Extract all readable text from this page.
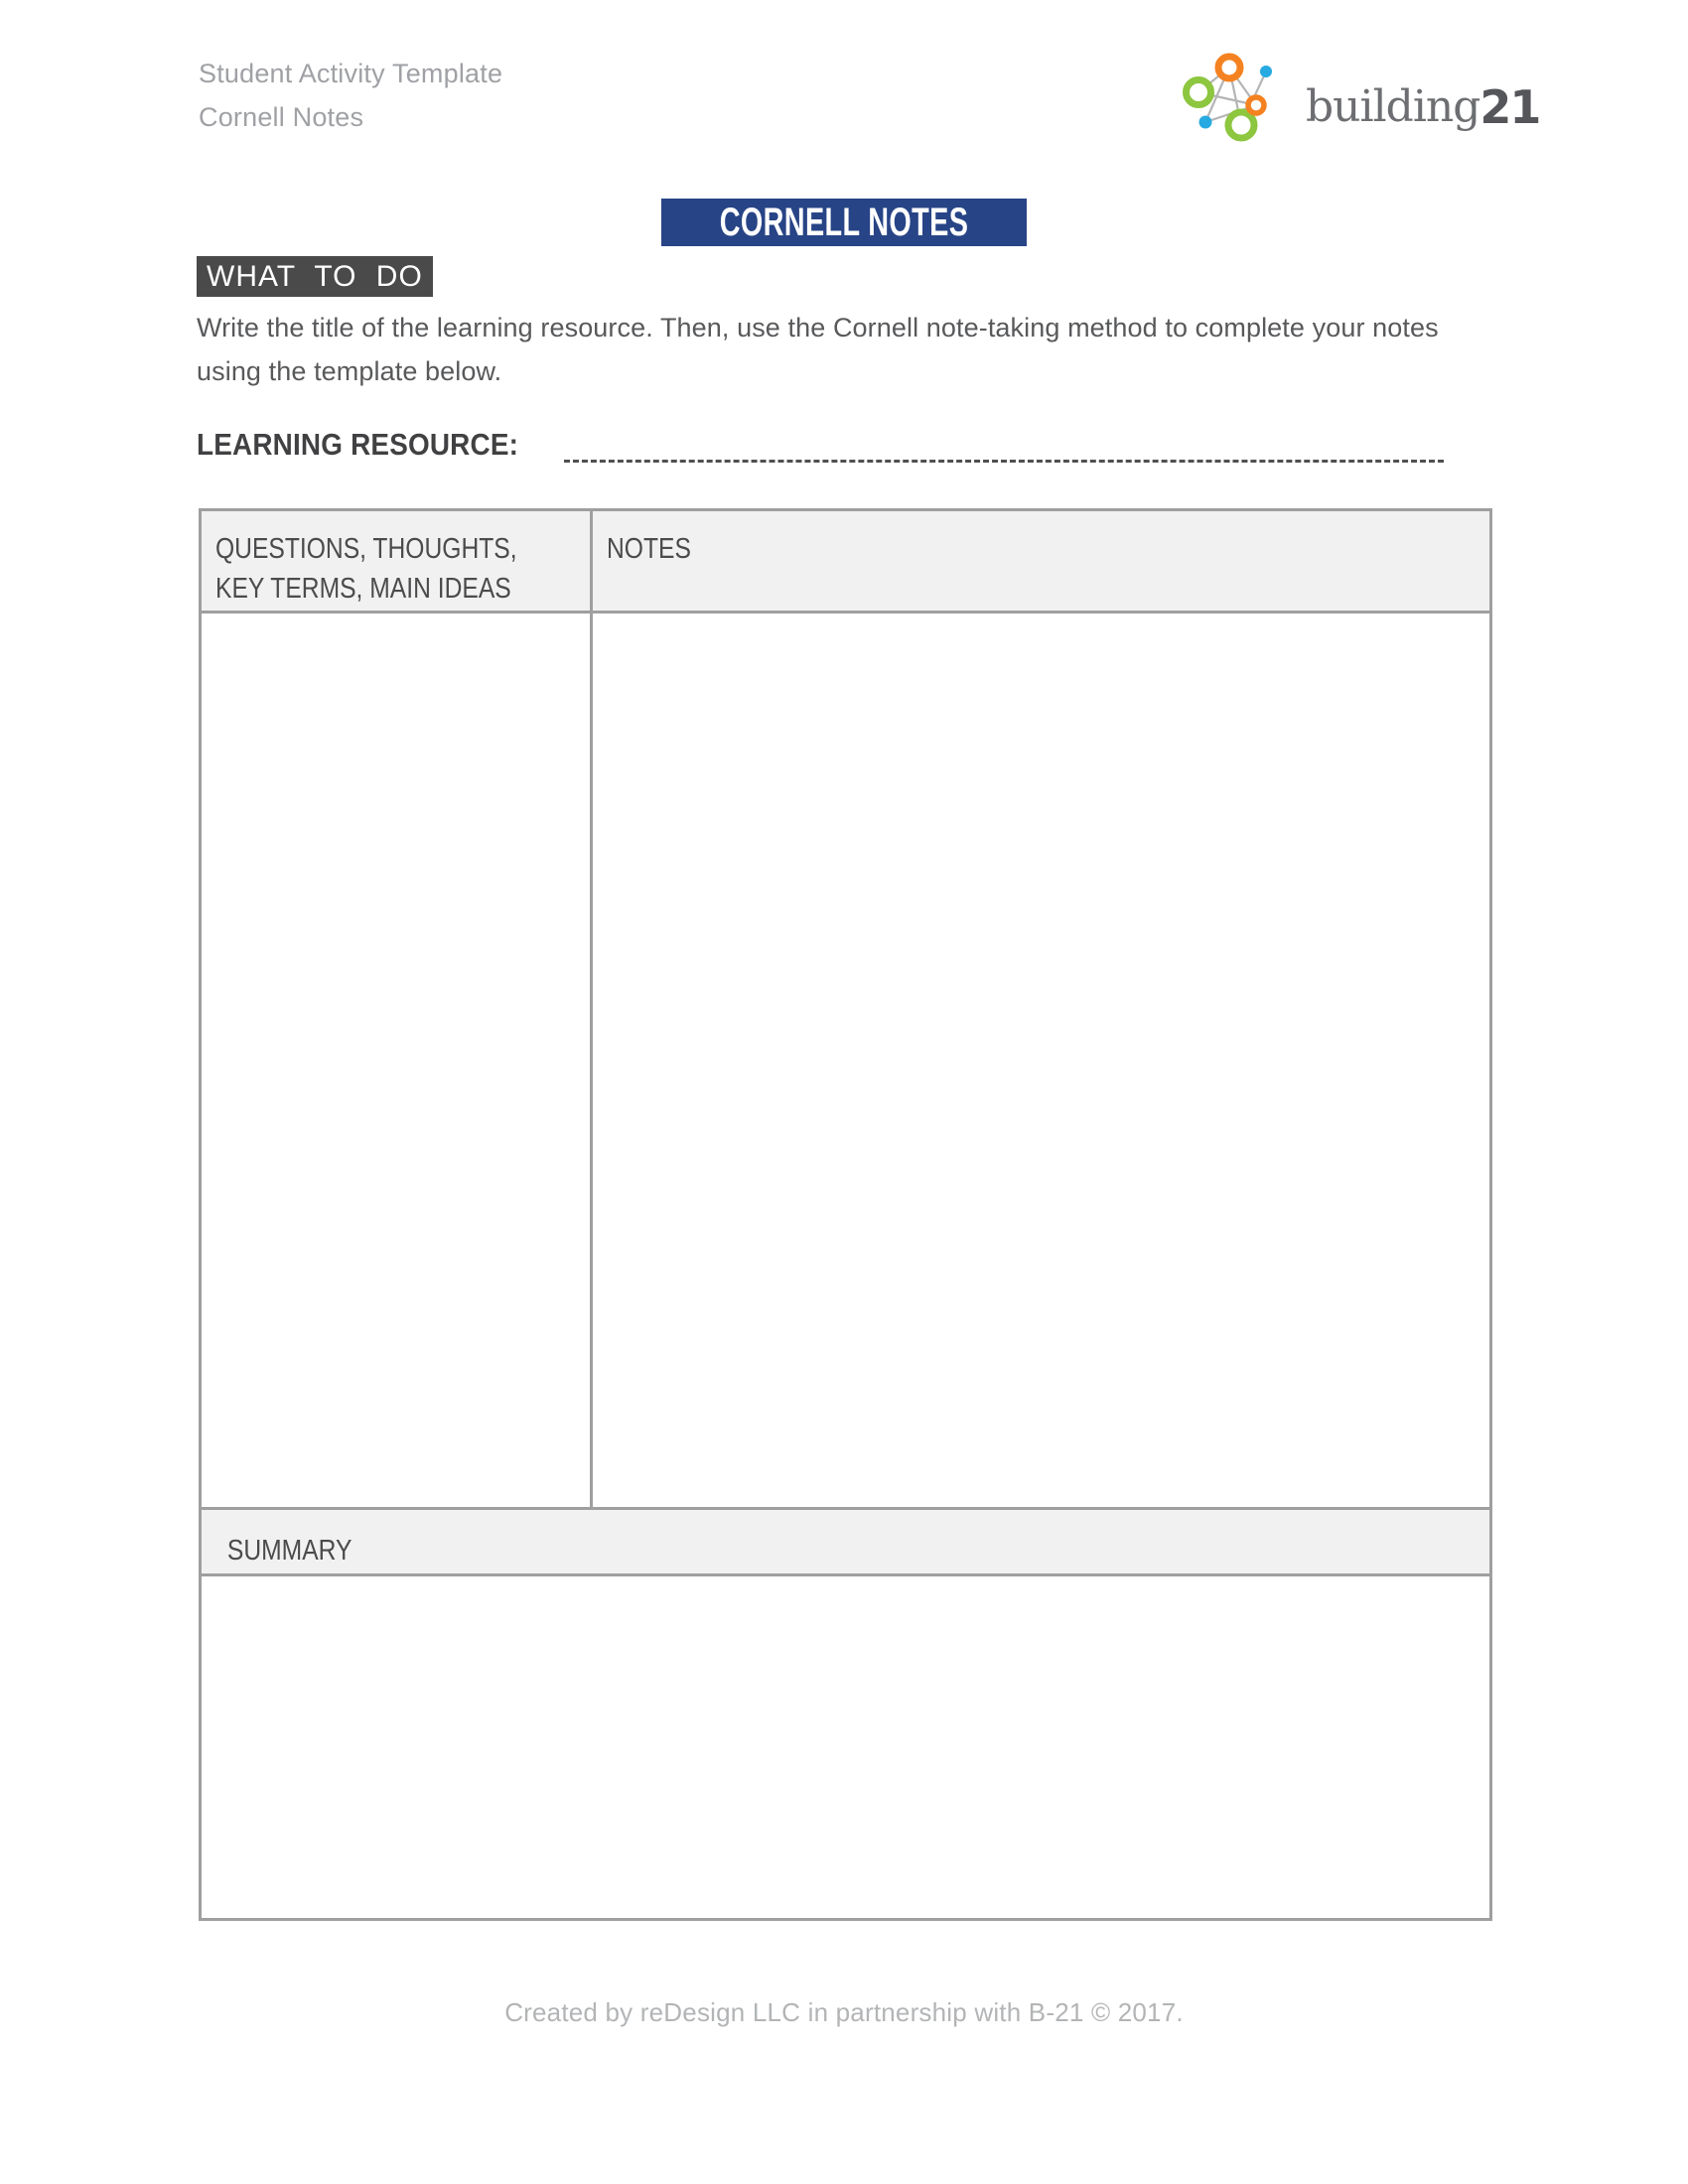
Student Activity Template
Cornell Notes	building 21
CORNELL NOTES
WHAT TO DO

Write the title of the learning resource. Then, use the Cornell note-taking method to complete your notes using the template below.

LEARNING RESOURCE:
QUESTIONS, THOUGHTS,
KEY TERMS, MAIN IDEAS
NOTES
SUMMARY
Created by reDesign LLC in partnership with B-21 © 2017.
